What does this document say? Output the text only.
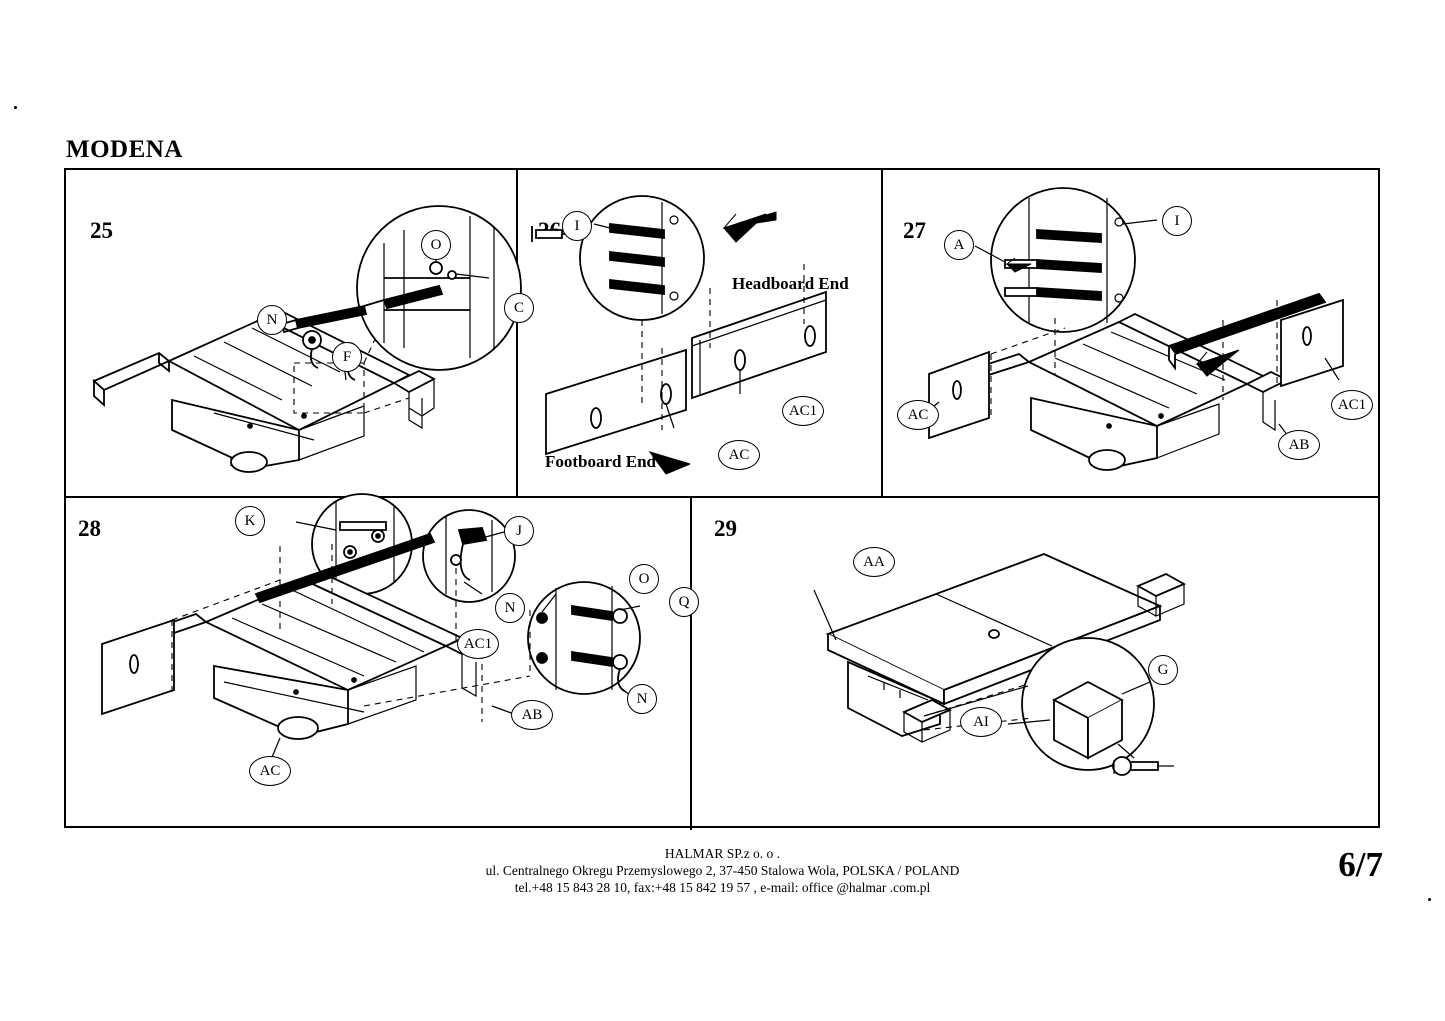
MODENA
25
N
O
C
F
I
Headboard End
Footboard End	AC
AC1
27
A
I
AC
AC1
AB
28	K
J
N
O
Q
N
AC1
AB
AC
29
AA
G
AI
HALMAR SP.z o. o .
ul. Centralnego Okregu Przemyslowego 2, 37-450 Stalowa Wola, POLSKA / POLAND
tel.+48 15 843 28 10, fax:+48 15 842 19 57 , e-mail: office @halmar .com.pl
6/7
